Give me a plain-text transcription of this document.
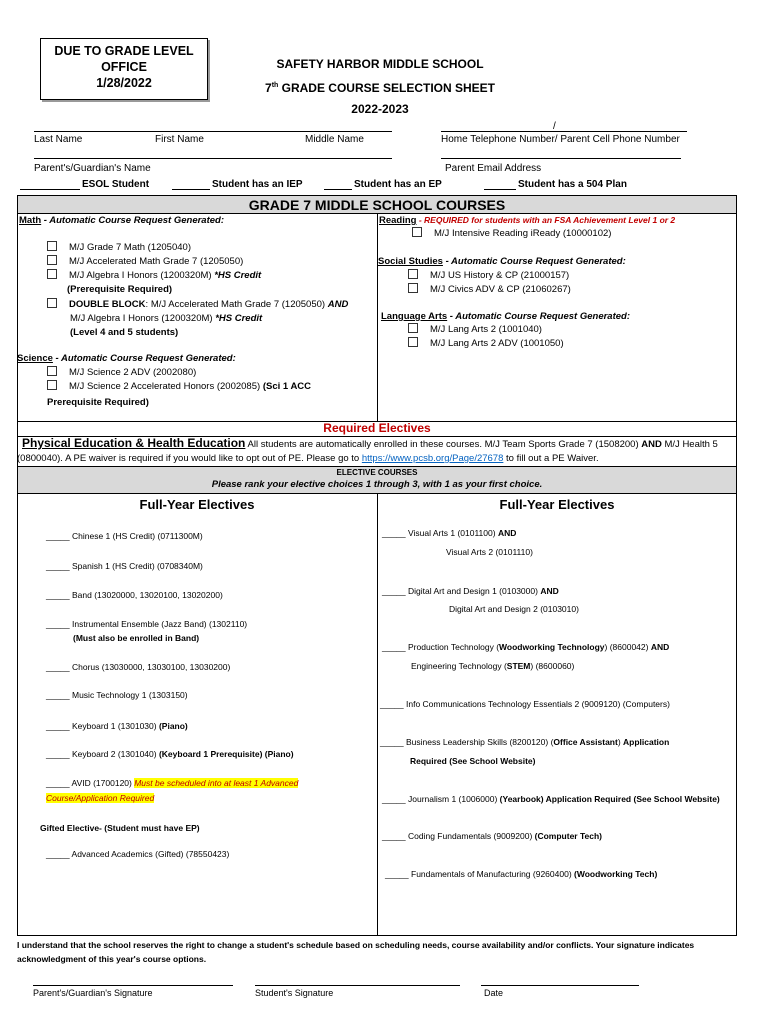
DUE TO GRADE LEVEL
OFFICE
1/28/2022
SAFETY HARBOR MIDDLE SCHOOL
7th GRADE COURSE SELECTION SHEET
2022-2023
Last Name	First Name	Middle Name
/
Home Telephone Number/ Parent Cell Phone Number
Parent's/Guardian's Name	Parent Email Address
ESOL Student	Student has an IEP	Student has an EP	Student has a 504 Plan
GRADE 7 MIDDLE SCHOOL COURSES
Math - Automatic Course Request Generated:
M/J Grade 7 Math (1205040)
M/J Accelerated Math Grade 7 (1205050)
M/J Algebra I Honors (1200320M) *HS Credit
(Prerequisite Required)
DOUBLE BLOCK: M/J Accelerated Math Grade 7 (1205050) AND
M/J Algebra I Honors (1200320M) *HS Credit
(Level 4 and 5 students)
Science - Automatic Course Request Generated:
M/J Science 2 ADV (2002080)
M/J Science 2 Accelerated Honors (2002085) (Sci 1 ACC
Prerequisite Required)
Reading - REQUIRED for students with an FSA Achievement Level 1 or 2
M/J Intensive Reading iReady (10000102)
Social Studies - Automatic Course Request Generated:
M/J US History & CP (21000157)
M/J Civics ADV & CP (21060267)
Language Arts - Automatic Course Request Generated:
M/J Lang Arts 2 (1001040)
M/J Lang Arts 2 ADV (1001050)
Required Electives
Physical Education & Health Education All students are automatically enrolled in these courses. M/J Team Sports Grade 7 (1508200) AND M/J Health 5 (0800040). A PE waiver is required if you would like to opt out of PE. Please go to https://www.pcsb.org/Page/27678 to fill out a PE Waiver.
ELECTIVE COURSES
Please rank your elective choices 1 through 3, with 1 as your first choice.
Full-Year Electives	Full-Year Electives
_____ Chinese 1 (HS Credit) (0711300M)
_____ Spanish 1 (HS Credit) (0708340M)
_____ Band (13020000, 13020100, 13020200)
_____ Instrumental Ensemble (Jazz Band) (1302110)
(Must also be enrolled in Band)
_____ Chorus (13030000, 13030100, 13030200)
_____ Music Technology 1 (1303150)
_____ Keyboard 1 (1301030) (Piano)
_____ Keyboard 2 (1301040) (Keyboard 1 Prerequisite) (Piano)
_____ AVID (1700120) Must be scheduled into at least 1 Advanced
Course/Application Required
Gifted Elective- (Student must have EP)
_____ Advanced Academics (Gifted) (78550423)
_____ Visual Arts 1 (0101100) AND
Visual Arts 2 (0101110)
_____ Digital Art and Design 1 (0103000) AND
Digital Art and Design 2 (0103010)
_____ Production Technology (Woodworking Technology) (8600042) AND
Engineering Technology (STEM) (8600060)
_____ Info Communications Technology Essentials 2 (9009120) (Computers)
_____ Business Leadership Skills (8200120) (Office Assistant) Application
Required (See School Website)
_____ Journalism 1 (1006000) (Yearbook) Application Required (See School Website)
_____ Coding Fundamentals (9009200) (Computer Tech)
_____ Fundamentals of Manufacturing (9260400) (Woodworking Tech)
I understand that the school reserves the right to change a student's schedule based on scheduling needs, course availability and/or conflicts. Your signature indicates acknowledgment of this year's course options.
Parent's/Guardian's Signature	Student's Signature	Date
